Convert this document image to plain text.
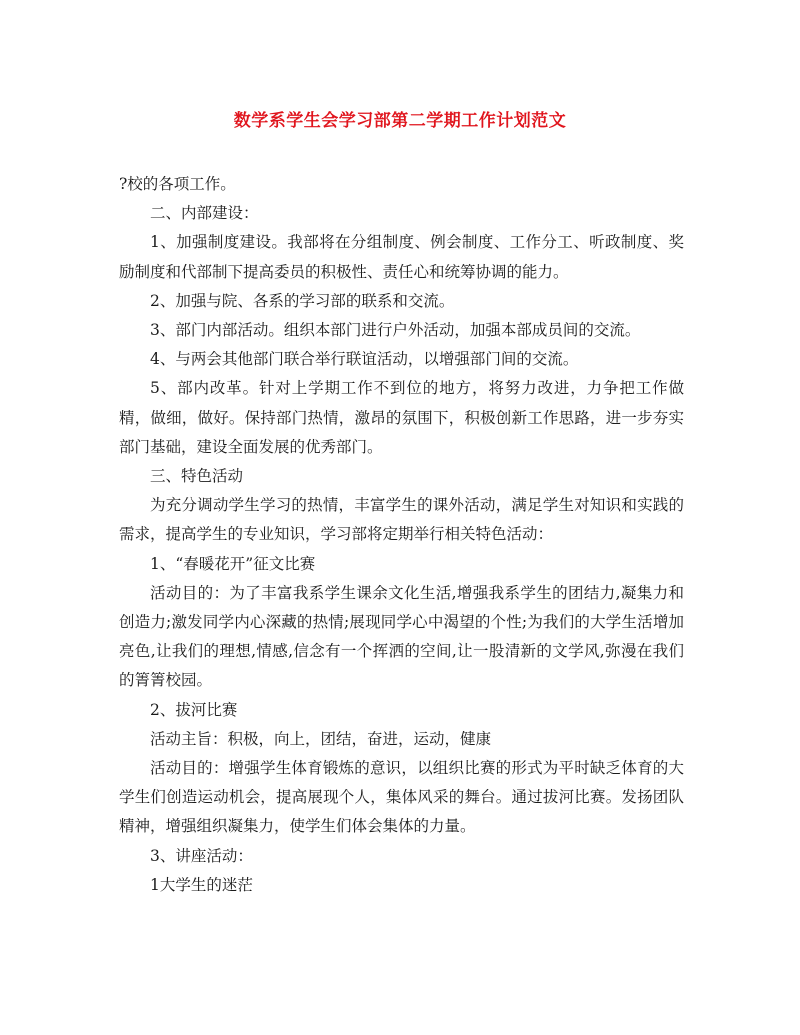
数学系学生会学习部第二学期工作计划范文

?校的各项工作。

二、内部建设：

1、加强制度建设。我部将在分组制度、例会制度、工作分工、听政制度、奖励制度和代部制下提高委员的积极性、责任心和统筹协调的能力。

2、加强与院、各系的学习部的联系和交流。

3、部门内部活动。组织本部门进行户外活动，加强本部成员间的交流。

4、与两会其他部门联合举行联谊活动，以增强部门间的交流。

5、部内改革。针对上学期工作不到位的地方，将努力改进，力争把工作做精，做细，做好。保持部门热情，激昂的氛围下，积极创新工作思路，进一步夯实部门基础，建设全面发展的优秀部门。

三、特色活动

为充分调动学生学习的热情，丰富学生的课外活动，满足学生对知识和实践的需求，提高学生的专业知识，学习部将定期举行相关特色活动：

1、“春暖花开”征文比赛

活动目的：为了丰富我系学生课余文化生活,增强我系学生的团结力,凝集力和创造力;激发同学内心深藏的热情;展现同学心中渴望的个性;为我们的大学生活增加亮色,让我们的理想,情感,信念有一个挥洒的空间,让一股清新的文学风,弥漫在我们的箐箐校园。

2、拔河比赛

活动主旨：积极，向上，团结，奋进，运动，健康

活动目的：增强学生体育锻炼的意识，以组织比赛的形式为平时缺乏体育的大学生们创造运动机会，提高展现个人，集体风采的舞台。通过拔河比赛。发扬团队精神，增强组织凝集力，使学生们体会集体的力量。

3、讲座活动：

1大学生的迷茫
